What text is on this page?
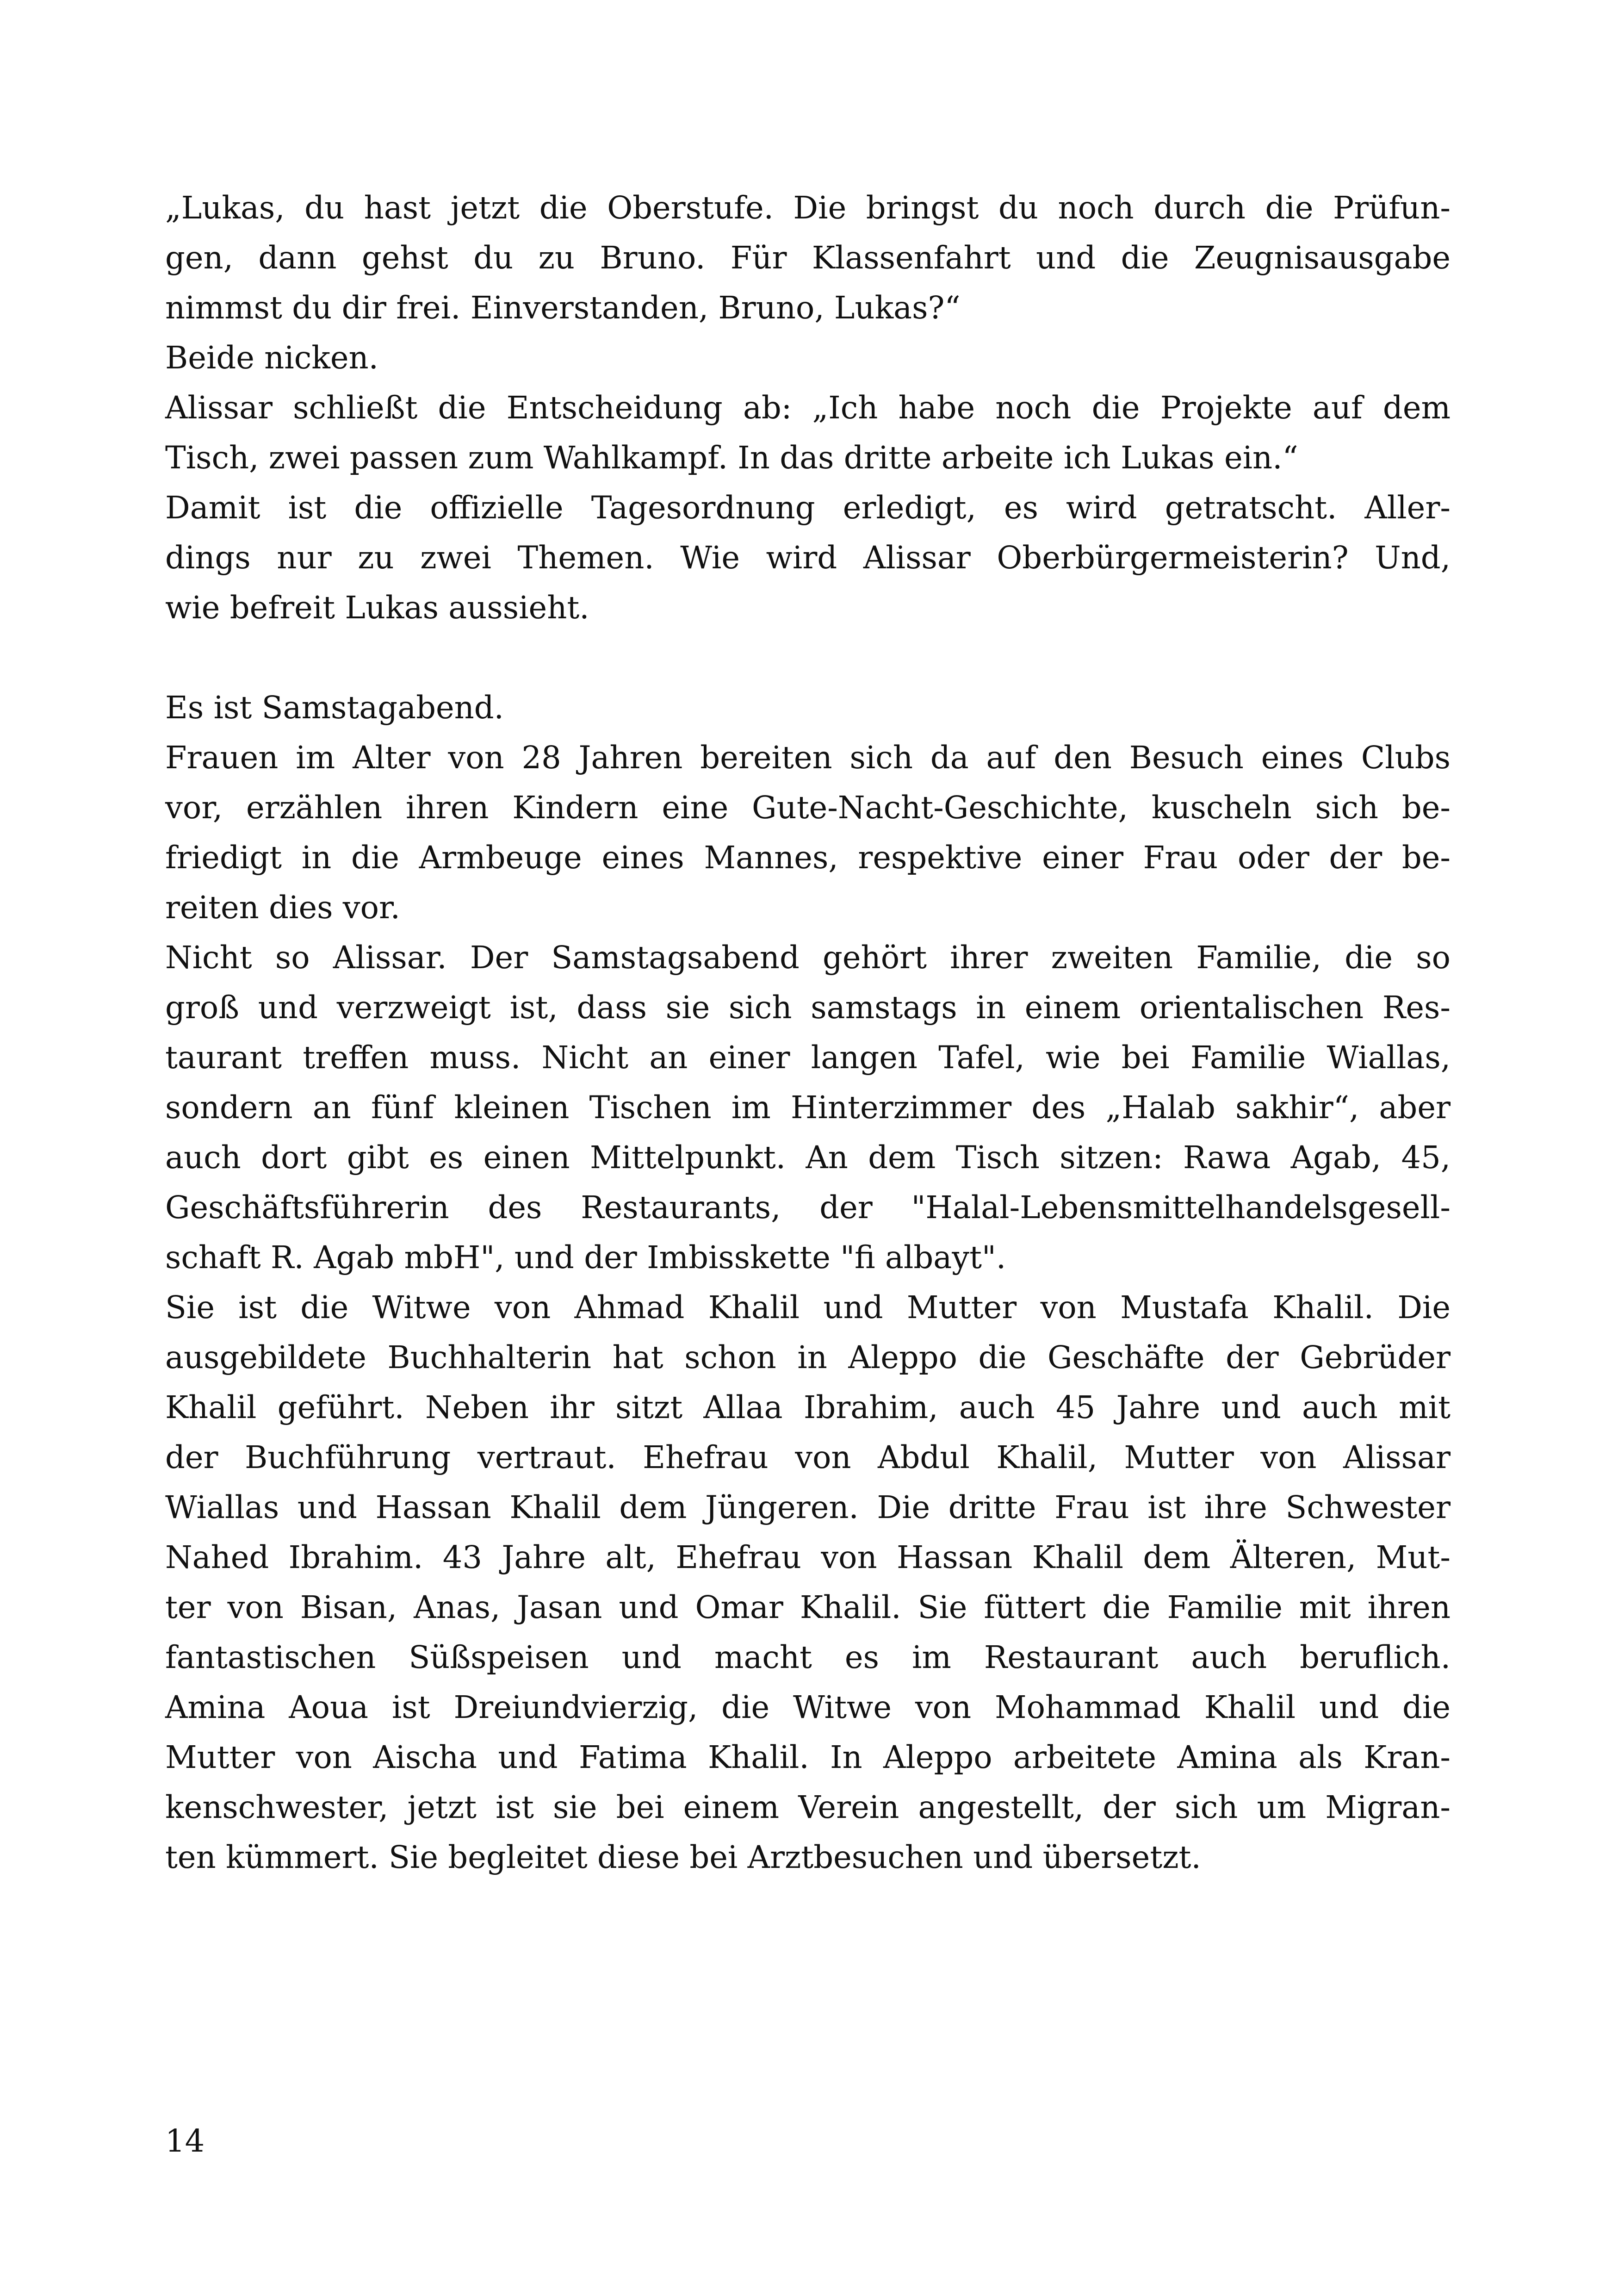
„Lukas, du hast jetzt die Oberstufe. Die bringst du noch durch die Prüfun-
gen, dann gehst du zu Bruno. Für Klassenfahrt und die Zeugnisausgabe
nimmst du dir frei. Einverstanden, Bruno, Lukas?“
Beide nicken.
Alissar schließt die Entscheidung ab: „Ich habe noch die Projekte auf dem
Tisch, zwei passen zum Wahlkampf. In das dritte arbeite ich Lukas ein.“
Damit ist die offizielle Tagesordnung erledigt, es wird getratscht. Aller-
dings nur zu zwei Themen. Wie wird Alissar Oberbürgermeisterin? Und,
wie befreit Lukas aussieht.
Es ist Samstagabend.
Frauen im Alter von 28 Jahren bereiten sich da auf den Besuch eines Clubs
vor, erzählen ihren Kindern eine Gute-Nacht-Geschichte, kuscheln sich be-
friedigt in die Armbeuge eines Mannes, respektive einer Frau oder der be-
reiten dies vor.
Nicht so Alissar. Der Samstagsabend gehört ihrer zweiten Familie, die so
groß und verzweigt ist, dass sie sich samstags in einem orientalischen Res-
taurant treffen muss. Nicht an einer langen Tafel, wie bei Familie Wiallas,
sondern an fünf kleinen Tischen im Hinterzimmer des „Halab sakhir“, aber
auch dort gibt es einen Mittelpunkt. An dem Tisch sitzen: Rawa Agab, 45,
Geschäftsführerin des Restaurants, der "Halal-Lebensmittelhandelsgesell-
schaft R. Agab mbH", und der Imbisskette "fi albayt".
Sie ist die Witwe von Ahmad Khalil und Mutter von Mustafa Khalil. Die
ausgebildete Buchhalterin hat schon in Aleppo die Geschäfte der Gebrüder
Khalil geführt. Neben ihr sitzt Allaa Ibrahim, auch 45 Jahre und auch mit
der Buchführung vertraut. Ehefrau von Abdul Khalil, Mutter von Alissar
Wiallas und Hassan Khalil dem Jüngeren. Die dritte Frau ist ihre Schwester
Nahed Ibrahim. 43 Jahre alt, Ehefrau von Hassan Khalil dem Älteren, Mut-
ter von Bisan, Anas, Jasan und Omar Khalil. Sie füttert die Familie mit ihren
fantastischen Süßspeisen und macht es im Restaurant auch beruflich.
Amina Aoua ist Dreiundvierzig, die Witwe von Mohammad Khalil und die
Mutter von Aischa und Fatima Khalil. In Aleppo arbeitete Amina als Kran-
kenschwester, jetzt ist sie bei einem Verein angestellt, der sich um Migran-
ten kümmert. Sie begleitet diese bei Arztbesuchen und übersetzt.
14
